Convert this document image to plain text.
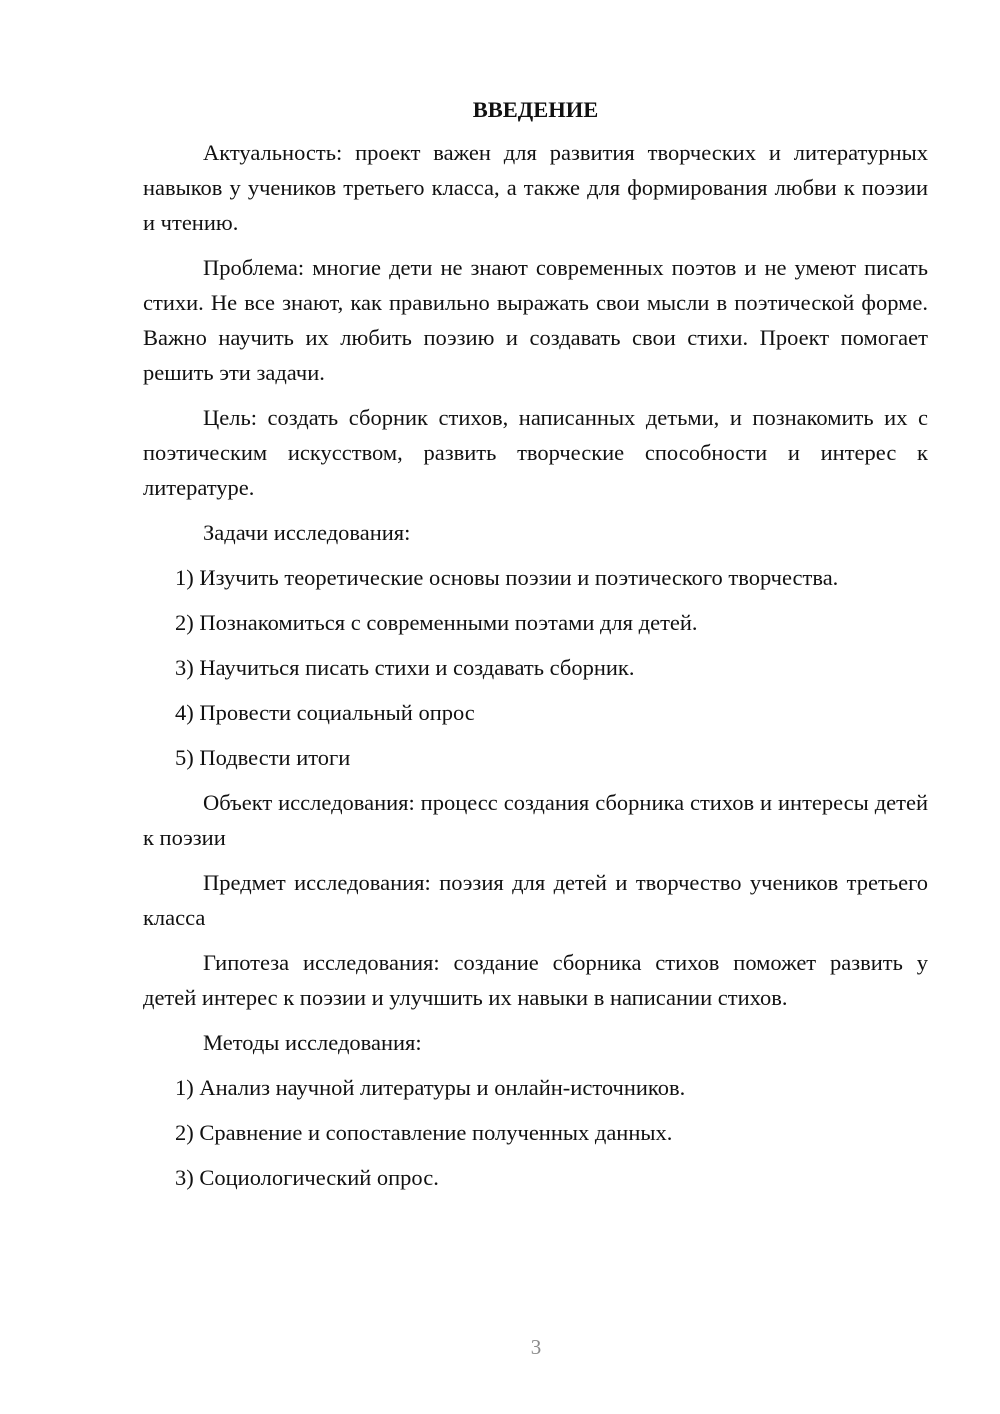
ВВЕДЕНИЕ
Актуальность: проект важен для развития творческих и литературных навыков у учеников третьего класса, а также для формирования любви к поэзии и чтению.
Проблема: многие дети не знают современных поэтов и не умеют писать стихи. Не все знают, как правильно выражать свои мысли в поэтической форме. Важно научить их любить поэзию и создавать свои стихи. Проект помогает решить эти задачи.
Цель: создать сборник стихов, написанных детьми, и познакомить их с поэтическим искусством, развить творческие способности и интерес к литературе.
Задачи исследования:
1) Изучить теоретические основы поэзии и поэтического творчества.
2) Познакомиться с современными поэтами для детей.
3) Научиться писать стихи и создавать сборник.
4) Провести социальный опрос
5) Подвести итоги
Объект исследования: процесс создания сборника стихов и интересы детей к поэзии
Предмет исследования: поэзия для детей и творчество учеников третьего класса
Гипотеза исследования: создание сборника стихов поможет развить у детей интерес к поэзии и улучшить их навыки в написании стихов.
Методы исследования:
1) Анализ научной литературы и онлайн-источников.
2) Сравнение и сопоставление полученных данных.
3) Социологический опрос.
3
